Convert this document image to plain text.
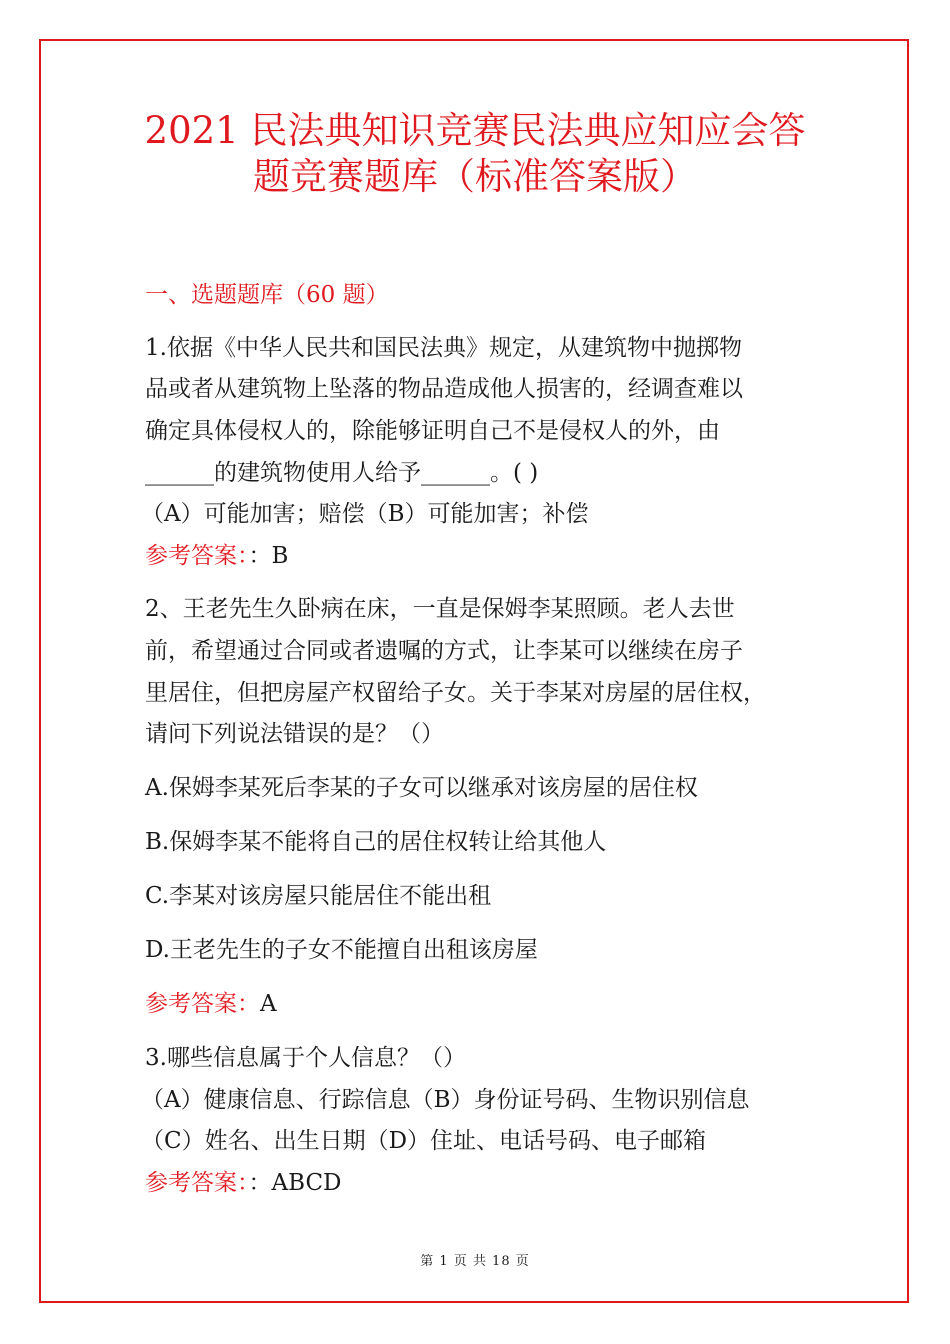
2021 民法典知识竞赛民法典应知应会答
题竞赛题库（标准答案版）
一、选题题库（60 题）
1.依据《中华人民共和国民法典》规定，从建筑物中抛掷物
品或者从建筑物上坠落的物品造成他人损害的，经调查难以
确定具体侵权人的，除能够证明自己不是侵权人的外，由
______的建筑物使用人给予______。( )
（A）可能加害；赔偿（B）可能加害；补偿
参考答案：：B
2、王老先生久卧病在床，一直是保姆李某照顾。老人去世
前，希望通过合同或者遗嘱的方式，让李某可以继续在房子
里居住，但把房屋产权留给子女。关于李某对房屋的居住权，
请问下列说法错误的是？（）
A.保姆李某死后李某的子女可以继承对该房屋的居住权
B.保姆李某不能将自己的居住权转让给其他人
C.李某对该房屋只能居住不能出租
D.王老先生的子女不能擅自出租该房屋
参考答案：A
3.哪些信息属于个人信息？（）
（A）健康信息、行踪信息（B）身份证号码、生物识别信息
（C）姓名、出生日期（D）住址、电话号码、电子邮箱
参考答案：：ABCD
第 1 页 共 18 页
